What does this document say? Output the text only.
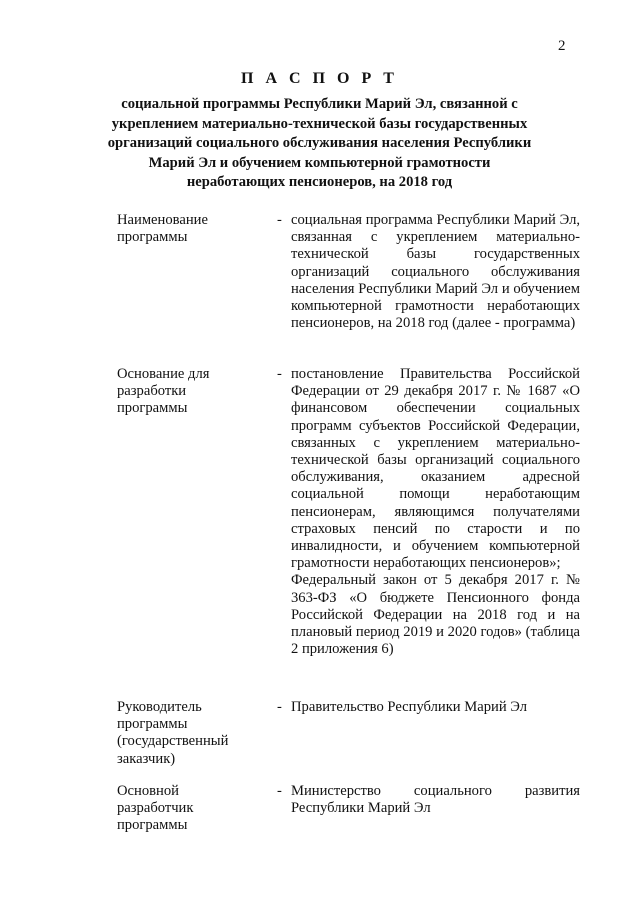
2
П А С П О Р Т
социальной программы Республики Марий Эл, связанной с укреплением материально-технической базы государственных организаций социального обслуживания населения Республики Марий Эл и обучением компьютерной грамотности неработающих пенсионеров, на 2018 год
Наименование программы
- социальная программа Республики Марий Эл, связанная с укреплением материально-технической базы государственных организаций социального обслуживания населения Республики Марий Эл и обучением компьютерной грамотности неработающих пенсионеров, на 2018 год (далее - программа)

Основание для разработки программы
- постановление Правительства Российской Федерации от 29 декабря 2017 г. № 1687 «О финансовом обеспечении социальных программ субъектов Российской Федерации, связанных с укреплением материально-технической базы организаций социального обслуживания, оказанием адресной социальной помощи неработающим пенсионерам, являющимся получателями страховых пенсий по старости и по инвалидности, и обучением компьютерной грамотности неработающих пенсионеров»;

Федеральный закон от 5 декабря 2017 г. № 363-ФЗ «О бюджете Пенсионного фонда Российской Федерации на 2018 год и на плановый период 2019 и 2020 годов» (таблица 2 приложения 6)

Руководитель программы (государственный заказчик)
- Правительство Республики Марий Эл

Основной разработчик программы
- Министерство социального развития Республики Марий Эл
